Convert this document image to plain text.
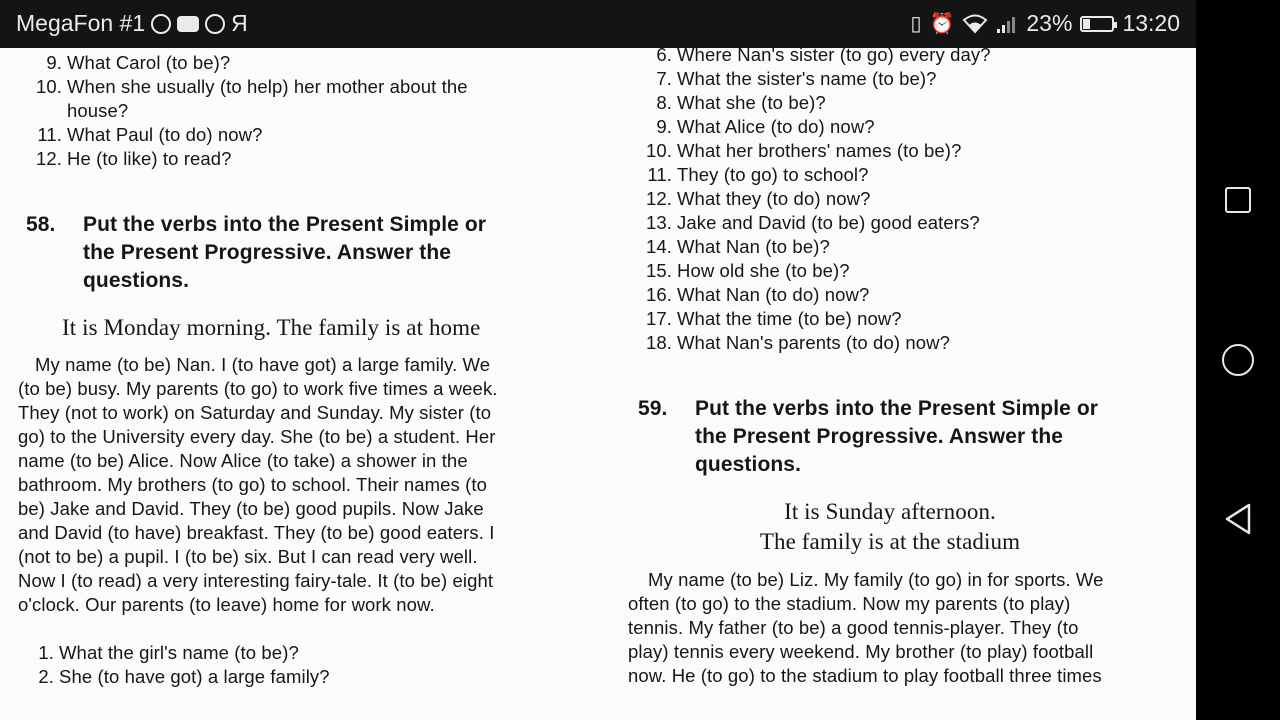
MegaFon #1	Я	▯ ⏰	23% 13:20
9. What Carol (to be)?
10. When she usually (to help) her mother about the
house?
11. What Paul (to do) now?
12. He (to like) to read?
58.	Put the verbs into the Present Simple or
the Present Progressive. Answer the
questions.
It is Monday morning. The family is at home
My name (to be) Nan. I (to have got) a large family. We
(to be) busy. My parents (to go) to work five times a week.
They (not to work) on Saturday and Sunday. My sister (to
go) to the University every day. She (to be) a student. Her
name (to be) Alice. Now Alice (to take) a shower in the
bathroom. My brothers (to go) to school. Their names (to
be) Jake and David. They (to be) good pupils. Now Jake
and David (to have) breakfast. They (to be) good eaters. I
(not to be) a pupil. I (to be) six. But I can read very well.
Now I (to read) a very interesting fairy-tale. It (to be) eight
o'clock. Our parents (to leave) home for work now.
1. What the girl's name (to be)?
2. She (to have got) a large family?
6. Where Nan's sister (to go) every day?
7. What the sister's name (to be)?
8. What she (to be)?
9. What Alice (to do) now?
10. What her brothers' names (to be)?
11. They (to go) to school?
12. What they (to do) now?
13. Jake and David (to be) good eaters?
14. What Nan (to be)?
15. How old she (to be)?
16. What Nan (to do) now?
17. What the time (to be) now?
18. What Nan's parents (to do) now?
59.	Put the verbs into the Present Simple or
the Present Progressive. Answer the
questions.
It is Sunday afternoon.
The family is at the stadium
My name (to be) Liz. My family (to go) in for sports. We
often (to go) to the stadium. Now my parents (to play)
tennis. My father (to be) a good tennis-player. They (to
play) tennis every weekend. My brother (to play) football
now. He (to go) to the stadium to play football three times
